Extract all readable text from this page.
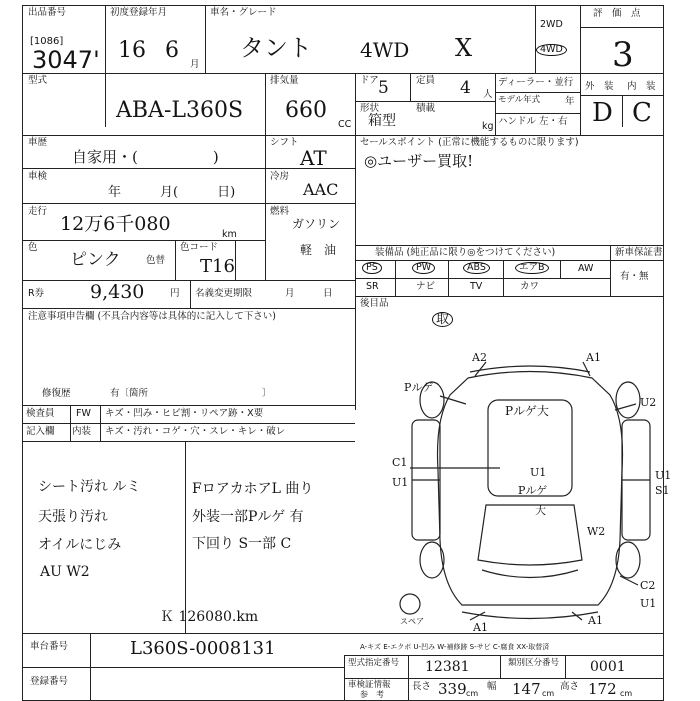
出品番号
[1086]
3047'
初度登録年月
16 6
月
車名・グレード
タント 4WD X
2WD
4WD
評　価　点
3
型式
ABA-L360S
排気量
660
CC
ドア 5	定員 4 人
形状
箱型
積載
kg
ディーラー・並行
モデル年式	年
ハンドル 左・右
外　装 内　装
D C
車歴
自家用・(　　　　　)
シフト
AT
車検
年　　　月(　　　日)
冷房
AAC
走行
12万6千080	km
燃料
ガソリン
軽　油
色
ピンク	色替
色コード
T16
R券 9,430	円 名義変更期限	月　　　日
セールスポイント (正常に機能するものに限ります)
◎ユーザー買取!
装備品 (純正品に限り◎をつけてください)	新車保証書
有・無
PS	PW	ABS	エアB	AW
SR	ナビ	TV	カワ
後目品
取
注意事項申告欄 (不具合内容等は具体的に記入して下さい)
修復歴	有〔箇所　　　　　　　　　　　　〕
検査員
記入欄
FW キズ・凹み・ヒビ割・リペア跡・X要
内装 キズ・汚れ・コゲ・穴・スレ・キレ・破レ
シート汚れ ルミ
天張り汚れ
オイルにじみ
AU W2
FロアカホアL 曲り
外装一部Pルゲ 有
下回り S一部 C
A2	A1
Pルゲ
U2
Pルゲ大
C1
U1
U1
Pルゲ
大
U1
S1
W2
C2
U1
A1
A1
スペア
A-キズ E-エクボ U-凹み W-補修跡 S-サビ C-腐食 XX-取替済
Ｋ 126080.km
車台番号	L360S-0008131
登録番号
型式指定番号 12381	類別区分番号 0001
車検証情報
参　考
長さ 339 cm
幅 147 cm
高さ 172 cm
